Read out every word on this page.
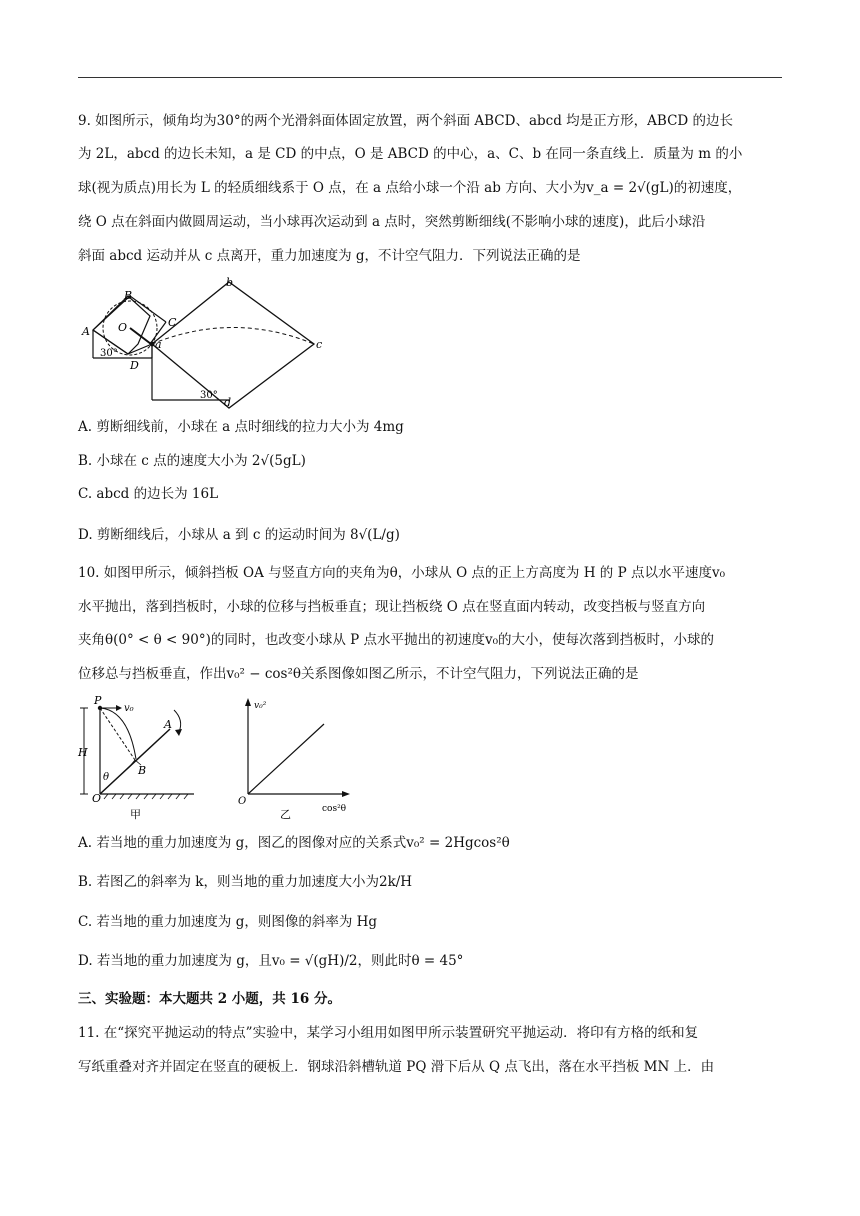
9. 如图所示，倾角均为30°的两个光滑斜面体固定放置，两个斜面 ABCD、abcd 均是正方形，ABCD 的边长
为 2L，abcd 的边长未知，a 是 CD 的中点，O 是 ABCD 的中心，a、C、b 在同一条直线上．质量为 m 的小
球(视为质点)用长为 L 的轻质细线系于 O 点，在 a 点给小球一个沿 ab 方向、大小为v_a = 2√(gL)的初速度，
绕 O 点在斜面内做圆周运动，当小球再次运动到 a 点时，突然剪断细线(不影响小球的速度)，此后小球沿
斜面 abcd 运动并从 c 点离开，重力加速度为 g，不计空气阻力．下列说法正确的是
B
A	O	C
a
D
b
c
d
30°
30°
A. 剪断细线前，小球在 a 点时细线的拉力大小为 4mg
B. 小球在 c 点的速度大小为 2√(5gL)
C. abcd 的边长为 16L
D. 剪断细线后，小球从 a 到 c 的运动时间为 8√(L/g)
10. 如图甲所示，倾斜挡板 OA 与竖直方向的夹角为θ，小球从 O 点的正上方高度为 H 的 P 点以水平速度v₀
水平抛出，落到挡板时，小球的位移与挡板垂直；现让挡板绕 O 点在竖直面内转动，改变挡板与竖直方向
夹角θ(0° < θ < 90°)的同时，也改变小球从 P 点水平抛出的初速度v₀的大小，使每次落到挡板时，小球的
位移总与挡板垂直，作出v₀² − cos²θ关系图像如图乙所示，不计空气阻力，下列说法正确的是
H
P
v₀
A
B
θ
O
甲
v₀²
cos²θ
O
乙
A. 若当地的重力加速度为 g，图乙的图像对应的关系式v₀² = 2Hgcos²θ
B. 若图乙的斜率为 k，则当地的重力加速度大小为2k/H
C. 若当地的重力加速度为 g，则图像的斜率为 Hg
D. 若当地的重力加速度为 g，且v₀ = √(gH)/2，则此时θ = 45°
三、实验题：本大题共 2 小题，共 16 分。
11. 在“探究平抛运动的特点”实验中，某学习小组用如图甲所示装置研究平抛运动．将印有方格的纸和复
写纸重叠对齐并固定在竖直的硬板上．钢球沿斜槽轨道 PQ 滑下后从 Q 点飞出，落在水平挡板 MN 上．由
